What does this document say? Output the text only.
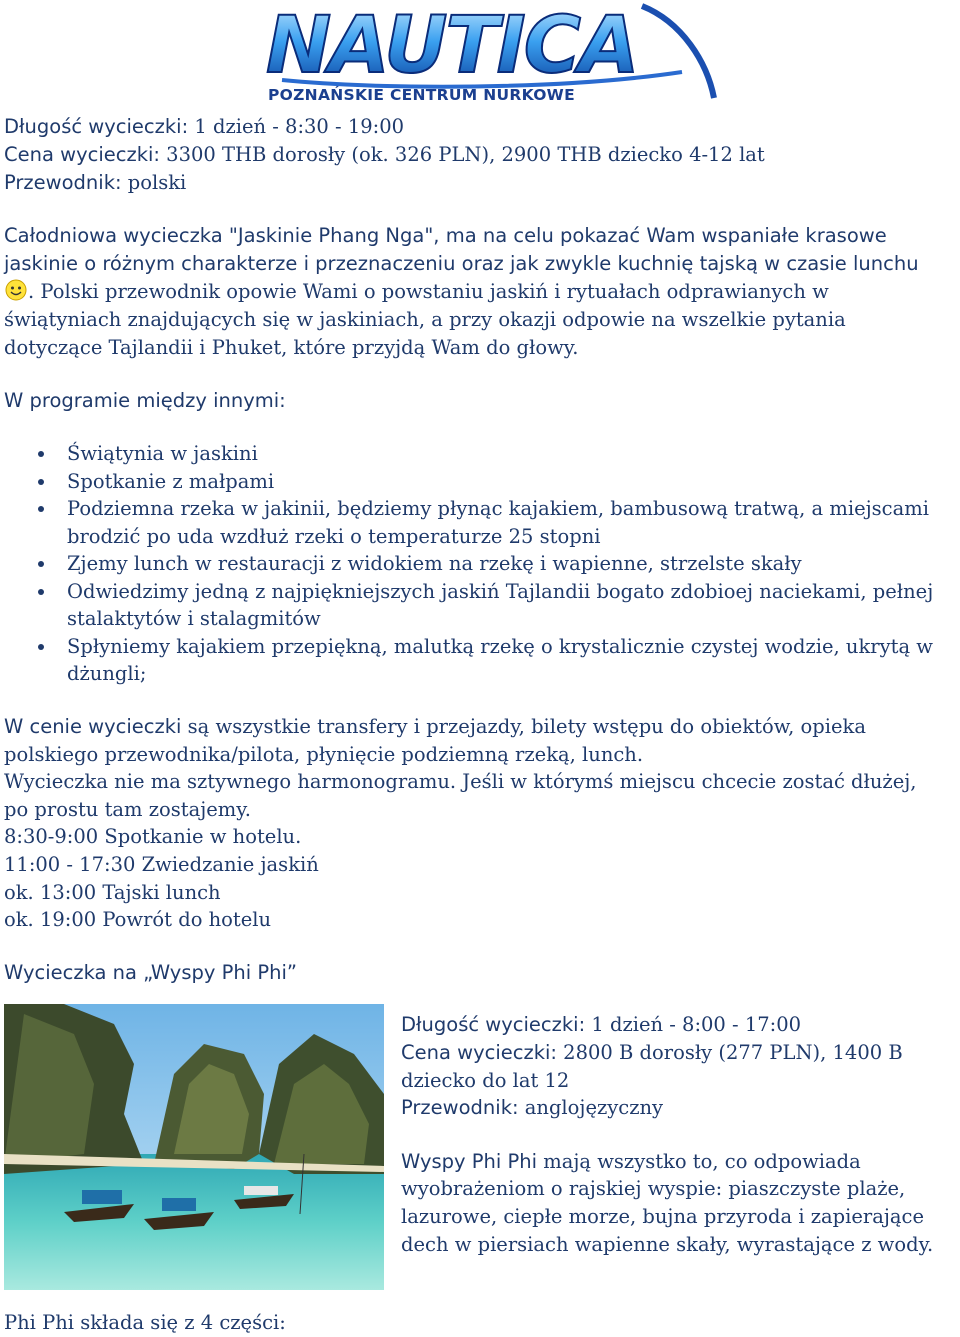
NAUTICA
POZNAŃSKIE CENTRUM NURKOWE
Długość wycieczki: 1 dzień - 8:30 - 19:00
Cena wycieczki: 3300 THB dorosły (ok. 326 PLN), 2900 THB dziecko 4-12 lat
Przewodnik: polski
Całodniowa wycieczka "Jaskinie Phang Nga", ma na celu pokazać Wam wspaniałe krasowe
jaskinie o różnym charakterze i przeznaczeniu oraz jak zwykle kuchnię tajską w czasie lunchu
. Polski przewodnik opowie Wami o powstaniu jaskiń i rytuałach odprawianych w
świątyniach znajdujących się w jaskiniach, a przy okazji odpowie na wszelkie pytania
dotyczące Tajlandii i Phuket, które przyjdą Wam do głowy.
W programie między innymi:
Świątynia w jaskini
Spotkanie z małpami
Podziemna rzeka w jakinii, będziemy płynąc kajakiem, bambusową tratwą, a miejscami
brodzić po uda wzdłuż rzeki o temperaturze 25 stopni
Zjemy lunch w restauracji z widokiem na rzekę i wapienne, strzelste skały
Odwiedzimy jedną z najpiękniejszych jaskiń Tajlandii bogato zdobioej naciekami, pełnej
stalaktytów i stalagmitów
Spłyniemy kajakiem przepiękną, malutką rzekę o krystalicznie czystej wodzie, ukrytą w
dżungli;
W cenie wycieczki są wszystkie transfery i przejazdy, bilety wstępu do obiektów, opieka
polskiego przewodnika/pilota, płynięcie podziemną rzeką, lunch.
Wycieczka nie ma sztywnego harmonogramu. Jeśli w którymś miejscu chcecie zostać dłużej,
po prostu tam zostajemy.
8:30-9:00 Spotkanie w hotelu.
11:00 - 17:30 Zwiedzanie jaskiń
ok. 13:00 Tajski lunch
ok. 19:00 Powrót do hotelu
Wycieczka na „Wyspy Phi Phi”
Długość wycieczki: 1 dzień - 8:00 - 17:00
Cena wycieczki: 2800 B dorosły (277 PLN), 1400 B
dziecko do lat 12
Przewodnik: anglojęzyczny
Wyspy Phi Phi mają wszystko to, co odpowiada
wyobrażeniom o rajskiej wyspie: piaszczyste plaże,
lazurowe, ciepłe morze, bujna przyroda i zapierające
dech w piersiach wapienne skały, wyrastające z wody.
Phi Phi składa się z 4 części:
